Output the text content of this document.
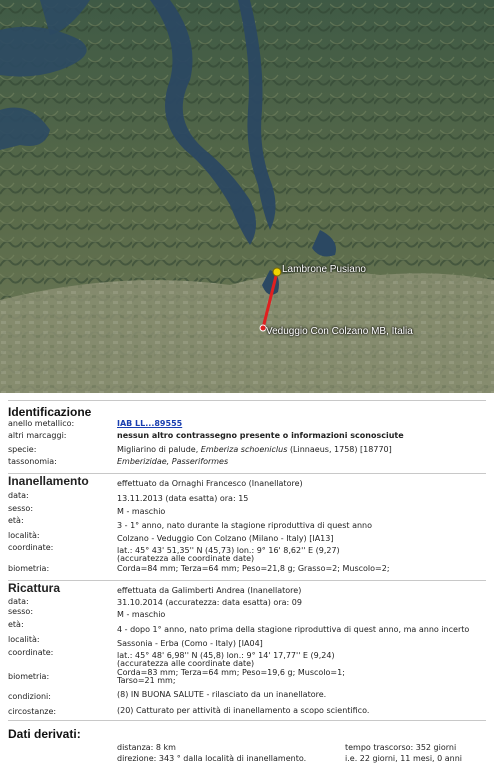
Lambrone Pusiano
Veduggio Con Colzano MB, Italia
Identificazione
anello metallico:	IAB LL...89555
altri marcaggi:	nessun altro contrassegno presente o informazioni sconosciute
specie:	Migliarino di palude, Emberiza schoeniclus (Linnaeus, 1758) [18770]
tassonomia:	Emberizidae, Passeriformes
Inanellamento	effettuato da Ornaghi Francesco (Inanellatore)
data:	13.11.2013 (data esatta) ora: 15
sesso:	M - maschio
età:
3 - 1° anno, nato durante la stagione riproduttiva di quest anno
località:	Colzano - Veduggio Con Colzano (Milano - Italy) [IA13]
coordinate:	lat.: 45° 43' 51,35'' N (45,73) lon.: 9° 16' 8,62'' E (9,27)
(accuratezza alle coordinate date)
biometria:	Corda=84 mm; Terza=64 mm; Peso=21,8 g; Grasso=2; Muscolo=2;
Ricattura	effettuata da Galimberti Andrea (Inanellatore)
data:	31.10.2014 (accuratezza: data esatta) ora: 09
sesso:	M - maschio
età:
4 - dopo 1° anno, nato prima della stagione riproduttiva di quest anno, ma anno incerto
località:	Sassonia - Erba (Como - Italy) [IA04]
coordinate:	lat.: 45° 48' 6,98'' N (45,8) lon.: 9° 14' 17,77'' E (9,24)
(accuratezza alle coordinate date)
biometria:	Corda=83 mm; Terza=64 mm; Peso=19,6 g; Muscolo=1;
Tarso=21 mm;
condizioni:	(8) IN BUONA SALUTE - rilasciato da un inanellatore.
circostanze:	(20) Catturato per attività di inanellamento a scopo scientifico.
Dati derivati:
distanza: 8 km	tempo trascorso: 352 giorni
direzione: 343 ° dalla località di inanellamento.	i.e. 22 giorni, 11 mesi, 0 anni
